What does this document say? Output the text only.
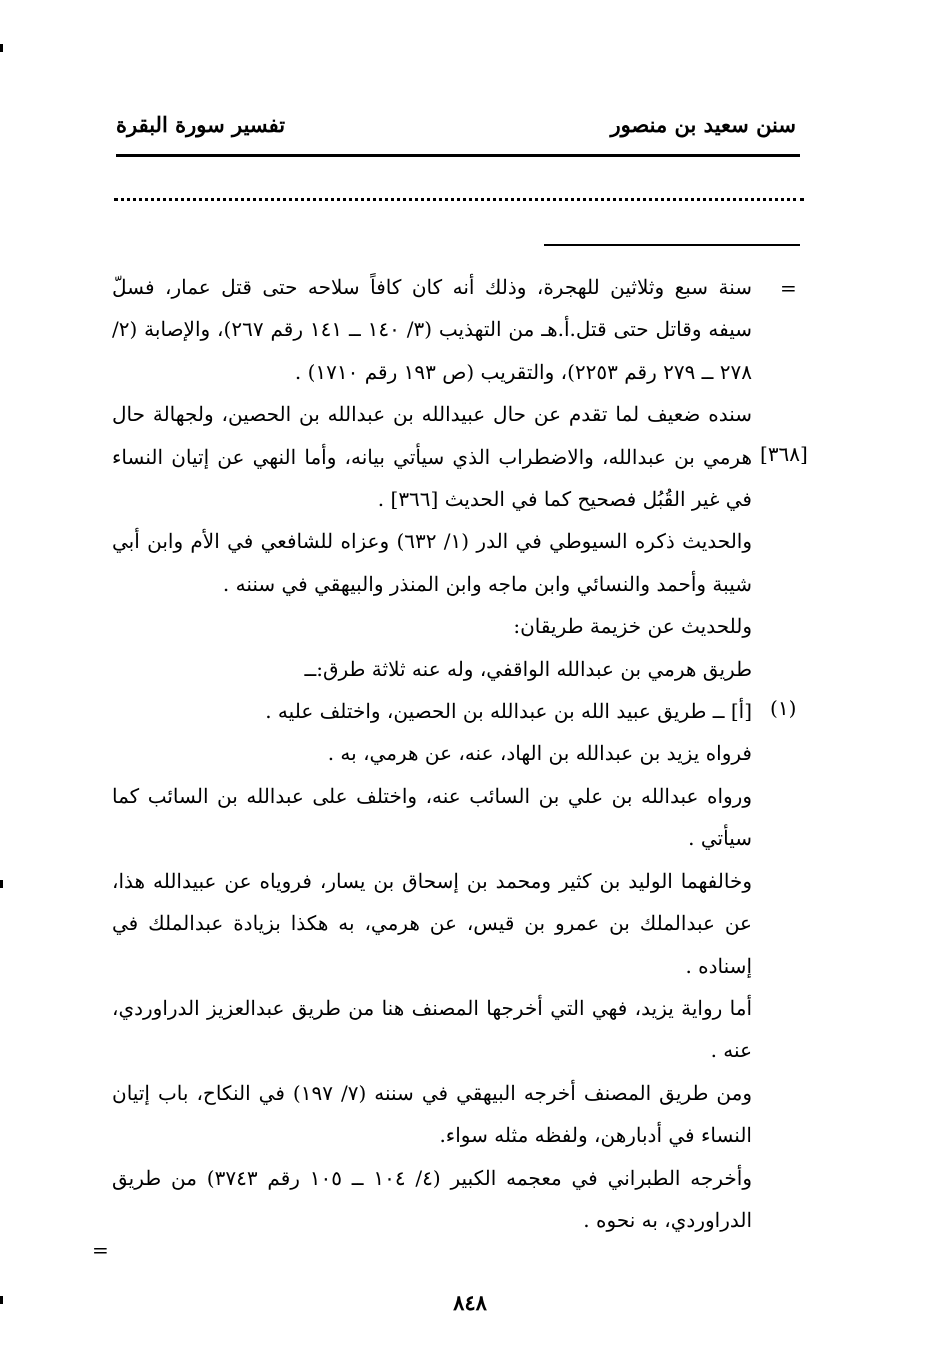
سنن سعيد بن منصور
تفسير سورة البقرة
=
[٣٦٨]
(١)
=

سنة سبع وثلاثين للهجرة، وذلك أنه كان كافاً سلاحه حتى قتل عمار، فسلّ سيفه وقاتل حتى قتل.أ.هـ من التهذيب (٣/ ١٤٠ ــ ١٤١ رقم ٢٦٧)، والإصابة (٢/ ٢٧٨ ــ ٢٧٩ رقم ٢٢٥٣)، والتقريب (ص ١٩٣ رقم ١٧١٠) .

سنده ضعيف لما تقدم عن حال عبيدالله بن عبدالله بن الحصين، ولجهالة حال هرمي بن عبدالله، والاضطراب الذي سيأتي بيانه، وأما النهي عن إتيان النساء في غير القُبُل فصحيح كما في الحديث [٣٦٦] .

والحديث ذكره السيوطي في الدر (١/ ٦٣٢) وعزاه للشافعي في الأم وابن أبي شيبة وأحمد والنسائي وابن ماجه وابن المنذر والبيهقي في سننه .

وللحديث عن خزيمة طريقان:

طريق هرمي بن عبدالله الواقفي، وله عنه ثلاثة طرق:ــ

[أ] ــ طريق عبيد الله بن عبدالله بن الحصين، واختلف عليه .

فرواه يزيد بن عبدالله بن الهاد، عنه، عن هرمي، به .

ورواه عبدالله بن علي بن السائب عنه، واختلف على عبدالله بن السائب كما سيأتي .

وخالفهما الوليد بن كثير ومحمد بن إسحاق بن يسار، فروياه عن عبيدالله هذا، عن عبدالملك بن عمرو بن قيس، عن هرمي، به هكذا بزيادة عبدالملك في إسناده .

أما رواية يزيد، فهي التي أخرجها المصنف هنا من طريق عبدالعزيز الدراوردي، عنه .

ومن طريق المصنف أخرجه البيهقي في سننه (٧/ ١٩٧) في النكاح، باب إتيان النساء في أدبارهن، ولفظه مثله سواء.

وأخرجه الطبراني في معجمه الكبير (٤/ ١٠٤ ــ ١٠٥ رقم ٣٧٤٣) من طريق الدراوردي، به نحوه .

٨٤٨
